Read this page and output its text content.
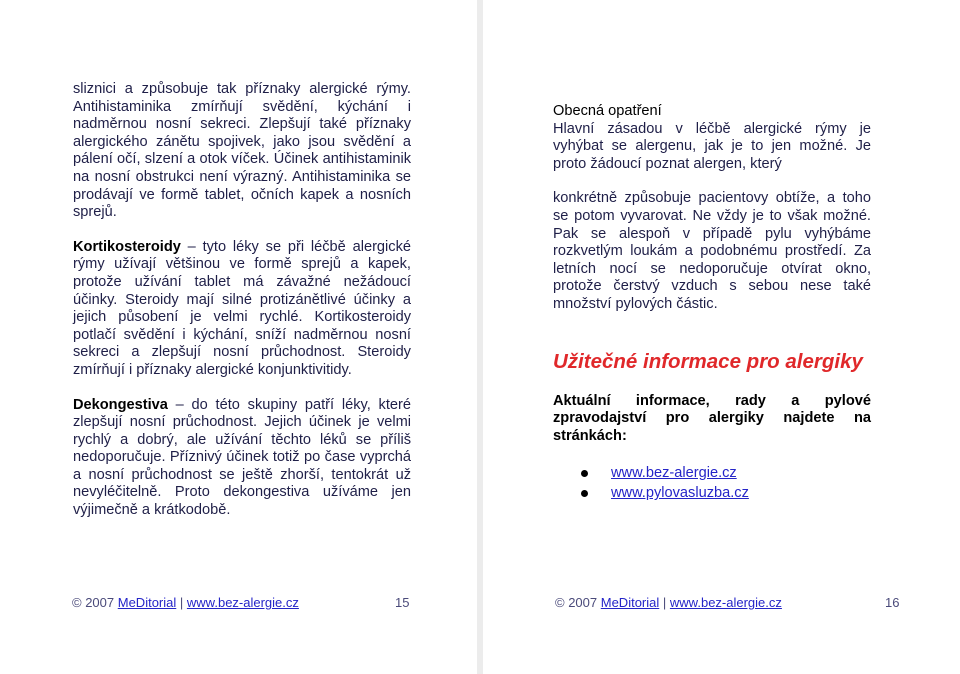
sliznici a způsobuje tak příznaky alergické rýmy. Antihistaminika zmírňují svědění, kýchání i nadměrnou nosní sekreci. Zlepšují také příznaky alergického zánětu spojivek, jako jsou svědění a pálení očí, slzení a otok víček. Účinek antihistaminik na nosní obstrukci není výrazný. Antihistaminika se prodávají ve formě tablet, očních kapek a nosních sprejů.

Kortikosteroidy – tyto léky se při léčbě alergické rýmy užívají většinou ve formě sprejů a kapek, protože užívání tablet má závažné nežádoucí účinky. Steroidy mají silné protizánětlivé účinky a jejich působení je velmi rychlé. Kortikosteroidy potlačí svědění i kýchání, sníží nadměrnou nosní sekreci a zlepšují nosní průchodnost. Steroidy zmírňují i příznaky alergické konjunktivitidy.

Dekongestiva – do této skupiny patří léky, které zlepšují nosní průchodnost. Jejich účinek je velmi rychlý a dobrý, ale užívání těchto léků se příliš nedoporučuje. Příznivý účinek totiž po čase vyprchá a nosní průchodnost se ještě zhorší, tentokrát už nevyléčitelně. Proto dekongestiva užíváme jen výjimečně a krátkodobě.

© 2007 MeDitorial | www.bez-alergie.cz	15

Obecná opatření

Hlavní zásadou v léčbě alergické rýmy je vyhýbat se alergenu, jak je to jen možné. Je proto žádoucí poznat alergen, který

konkrétně způsobuje pacientovy obtíže, a toho se potom vyvarovat. Ne vždy je to však možné. Pak se alespoň v případě pylu vyhýbáme rozkvetlým loukám a podobnému prostředí. Za letních nocí se nedoporučuje otvírat okno, protože čerstvý vzduch s sebou nese také množství pylových částic.

Užitečné informace pro alergiky

Aktuální informace, rady a pylové zpravodajství pro alergiky najdete na stránkách:

www.bez-alergie.cz
www.pylovasluzba.cz
© 2007 MeDitorial | www.bez-alergie.cz	16
